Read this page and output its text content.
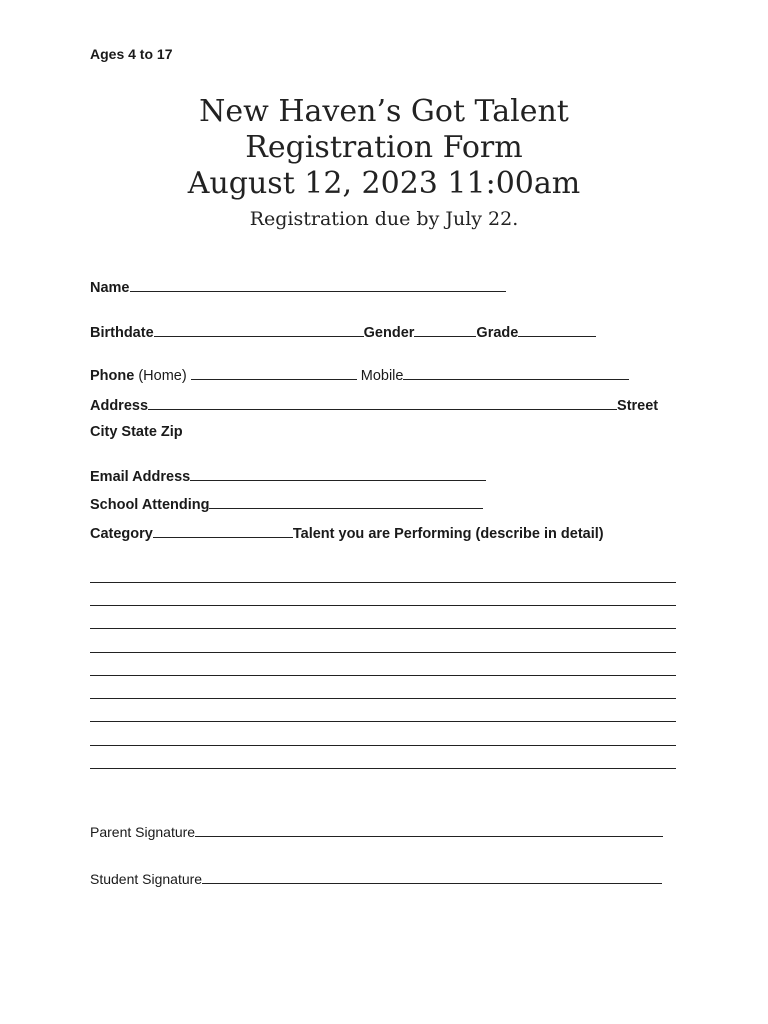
Ages 4 to 17
New Haven’s Got Talent
Registration Form
August 12, 2023 11:00am
Registration due by July 22.
Name
Birthdate	Gender	Grade
Phone (Home)	Mobile
Address	Street
City State Zip
Email Address
School Attending
Category	Talent you are Performing (describe in detail)
Parent Signature
Student Signature
